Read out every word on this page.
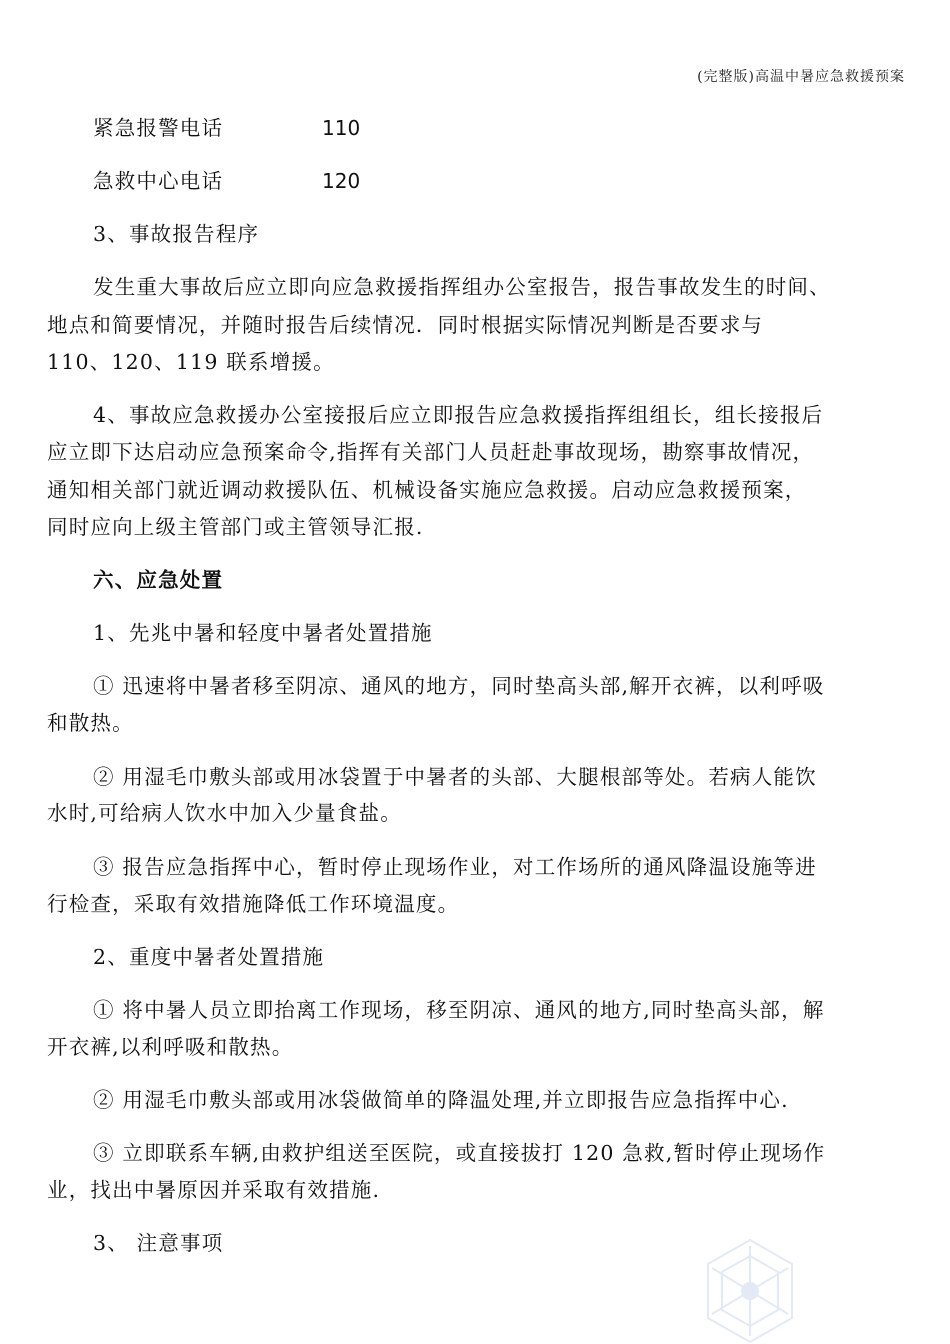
(完整版)高温中暑应急救援预案
紧急报警电话	110
急救中心电话	120
3、事故报告程序
发生重大事故后应立即向应急救援指挥组办公室报告，报告事故发生的时间、
地点和简要情况，并随时报告后续情况．同时根据实际情况判断是否要求与
110、120、119 联系增援。
4、事故应急救援办公室接报后应立即报告应急救援指挥组组长，组长接报后
应立即下达启动应急预案命令,指挥有关部门人员赶赴事故现场，勘察事故情况，
通知相关部门就近调动救援队伍、机械设备实施应急救援。启动应急救援预案，
同时应向上级主管部门或主管领导汇报.
六、应急处置
1、先兆中暑和轻度中暑者处置措施
① 迅速将中暑者移至阴凉、通风的地方，同时垫高头部,解开衣裤，以利呼吸
和散热。
② 用湿毛巾敷头部或用冰袋置于中暑者的头部、大腿根部等处。若病人能饮
水时,可给病人饮水中加入少量食盐。
③ 报告应急指挥中心，暂时停止现场作业，对工作场所的通风降温设施等进
行检查，采取有效措施降低工作环境温度。
2、重度中暑者处置措施
① 将中暑人员立即抬离工作现场，移至阴凉、通风的地方,同时垫高头部，解
开衣裤,以利呼吸和散热。
② 用湿毛巾敷头部或用冰袋做简单的降温处理,并立即报告应急指挥中心.
③ 立即联系车辆,由救护组送至医院，或直接拔打 120 急救,暂时停止现场作
业，找出中暑原因并采取有效措施.
3、 注意事项
